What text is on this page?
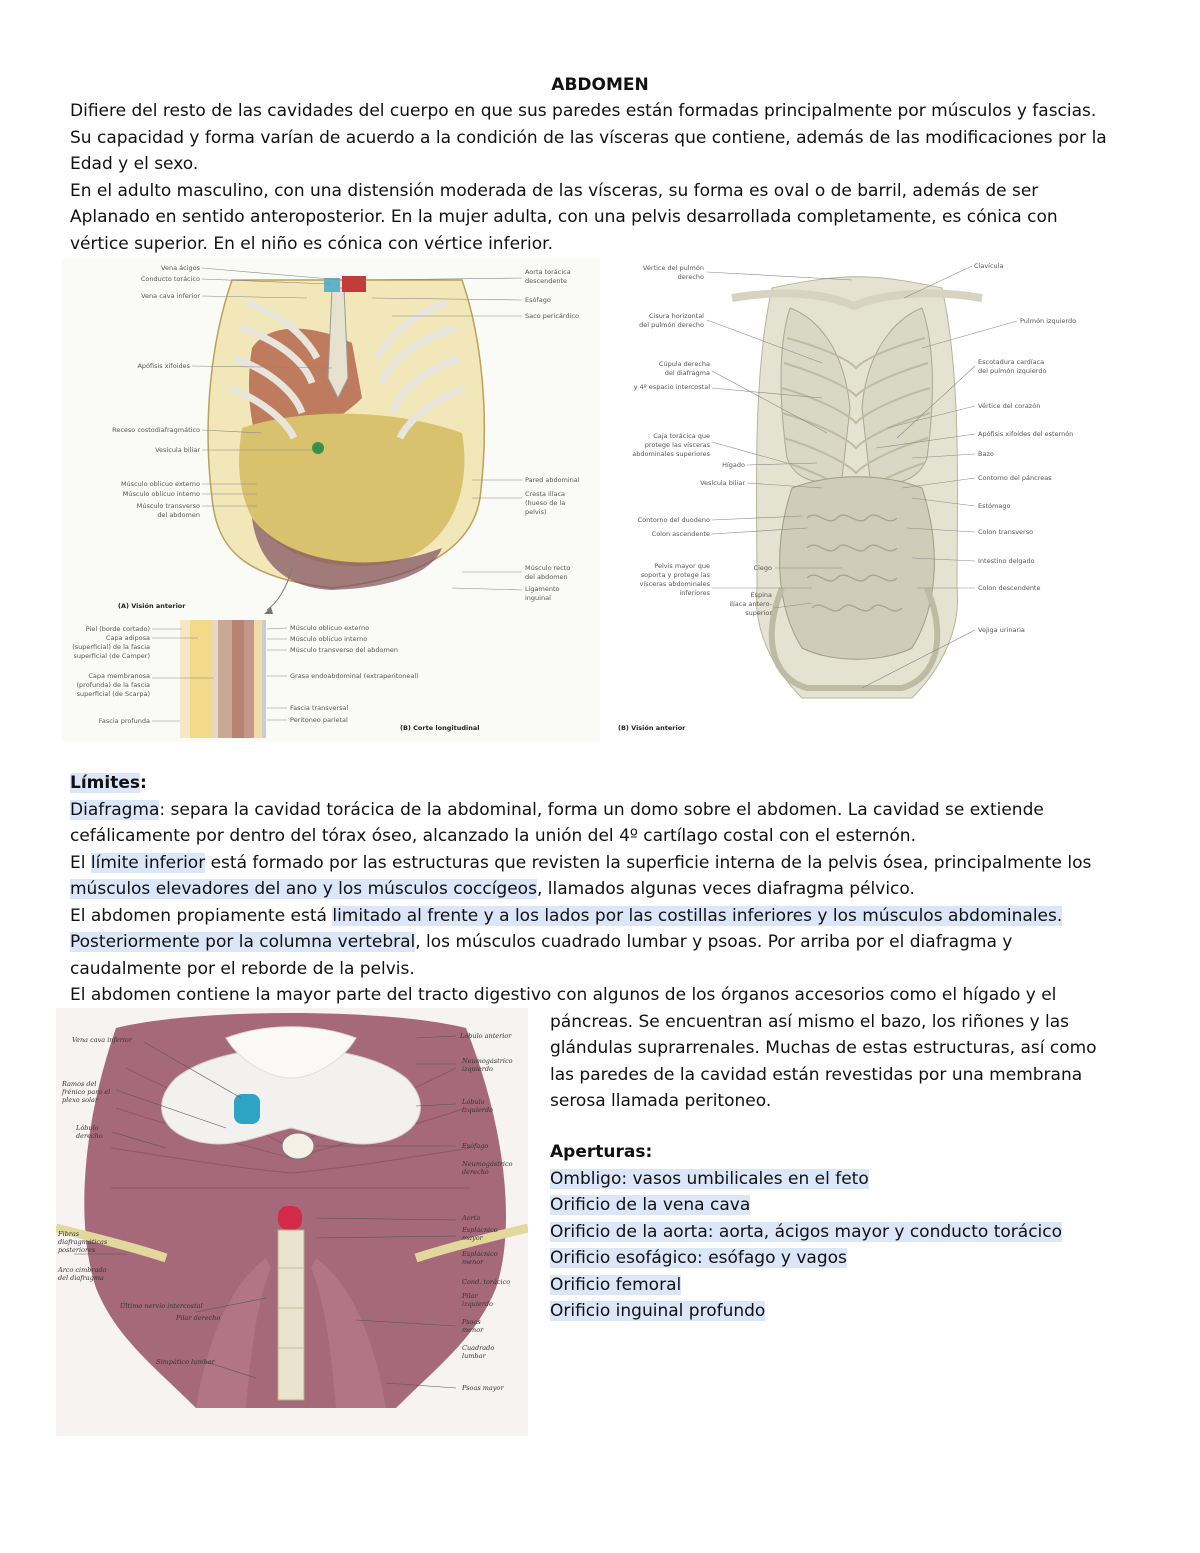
ABDOMEN

Difiere del resto de las cavidades del cuerpo en que sus paredes están formadas principalmente por músculos y fascias.

Su capacidad y forma varían de acuerdo a la condición de las vísceras que contiene, además de las modificaciones por la

Edad y el sexo.

En el adulto masculino, con una distensión moderada de las vísceras, su forma es oval o de barril, además de ser

Aplanado en sentido anteroposterior. En la mujer adulta, con una pelvis desarrollada completamente, es cónica con

vértice superior. En el niño es cónica con vértice inferior.

Vena ácigos
Conducto torácico
Vena cava inferior
Apófisis xifoides
Receso costodiafragmático
Vesícula biliar
Músculo oblicuo externo
Músculo oblicuo interno
Músculo transverso
del abdomen
Aorta torácica
descendente
Esófago
Saco pericárdico
Pared abdominal
Cresta ilíaca
(hueso de la
pelvis)
Músculo recto
del abdomen
Ligamento
inguinal
(A) Visión anterior
Piel (borde cortado)
Capa adiposa
(superficial) de la fascia
superficial (de Camper)
Capa membranosa
(profunda) de la fascia
superficial (de Scarpa)
Fascia profunda
Músculo oblicuo externo
Músculo oblicuo interno
Músculo transverso del abdomen
Grasa endoabdominal (extraperitoneal)
Fascia transversal
Peritoneo parietal
(B) Corte longitudinal
Vértice del pulmón
derecho
Cisura horizontal
del pulmón derecho
Cúpula derecha
del diafragma
y 4º espacio intercostal
Caja torácica que
protege las vísceras
abdominales superiores
Hígado
Vesícula biliar
Contorno del duodeno
Colon ascendente
Pelvis mayor que
soporta y protege las
vísceras abdominales
inferiores
Ciego
Espina
ilíaca antero-
superior
Clavícula
Pulmón izquierdo
Escotadura cardíaca
del pulmón izquierdo
Vértice del corazón
Apófisis xifoides del esternón
Bazo
Contorno del páncreas
Estómago
Colon transverso
Intestino delgado
Colon descendente
Vejiga urinaria
(B) Visión anterior

Límites:

Diafragma: separa la cavidad torácica de la abdominal, forma un domo sobre el abdomen. La cavidad se extiende

cefálicamente por dentro del tórax óseo, alcanzado la unión del 4º cartílago costal con el esternón.

El límite inferior está formado por las estructuras que revisten la superficie interna de la pelvis ósea, principalmente los

músculos elevadores del ano y los músculos coccígeos, llamados algunas veces diafragma pélvico.

El abdomen propiamente está limitado al frente y a los lados por las costillas inferiores y los músculos abdominales.

Posteriormente por la columna vertebral, los músculos cuadrado lumbar y psoas. Por arriba por el diafragma y

caudalmente por el reborde de la pelvis.

El abdomen contiene la mayor parte del tracto digestivo con algunos de los órganos accesorios como el hígado y el

páncreas. Se encuentran así mismo el bazo, los riñones y las

glándulas suprarrenales. Muchas de estas estructuras, así como

las paredes de la cavidad están revestidas por una membrana

serosa llamada peritoneo.

Vena cava inferior
Ramos del
frénico para el
plexo solar
Lóbulo
derecho
Fibras
diafragmáticas
posteriores
Arco cimbrado
del diafragma
Último nervio intercostal
Pilar derecho
Simpático lumbar
Lóbulo anterior
Neumogástrico
izquierdo
Lóbulo
izquierdo
Esófago
Neumogástrico
derecho
Aorta
Esplácnico
mayor
Esplácnico
menor
Cond. torácico
Pilar
izquierdo
Psoas
menor
Cuadrado
lumbar
Psoas mayor

Aperturas:

Ombligo: vasos umbilicales en el feto

Orificio de la vena cava

Orificio de la aorta: aorta, ácigos mayor y conducto torácico

Orificio esofágico: esófago y vagos

Orificio femoral

Orificio inguinal profundo
